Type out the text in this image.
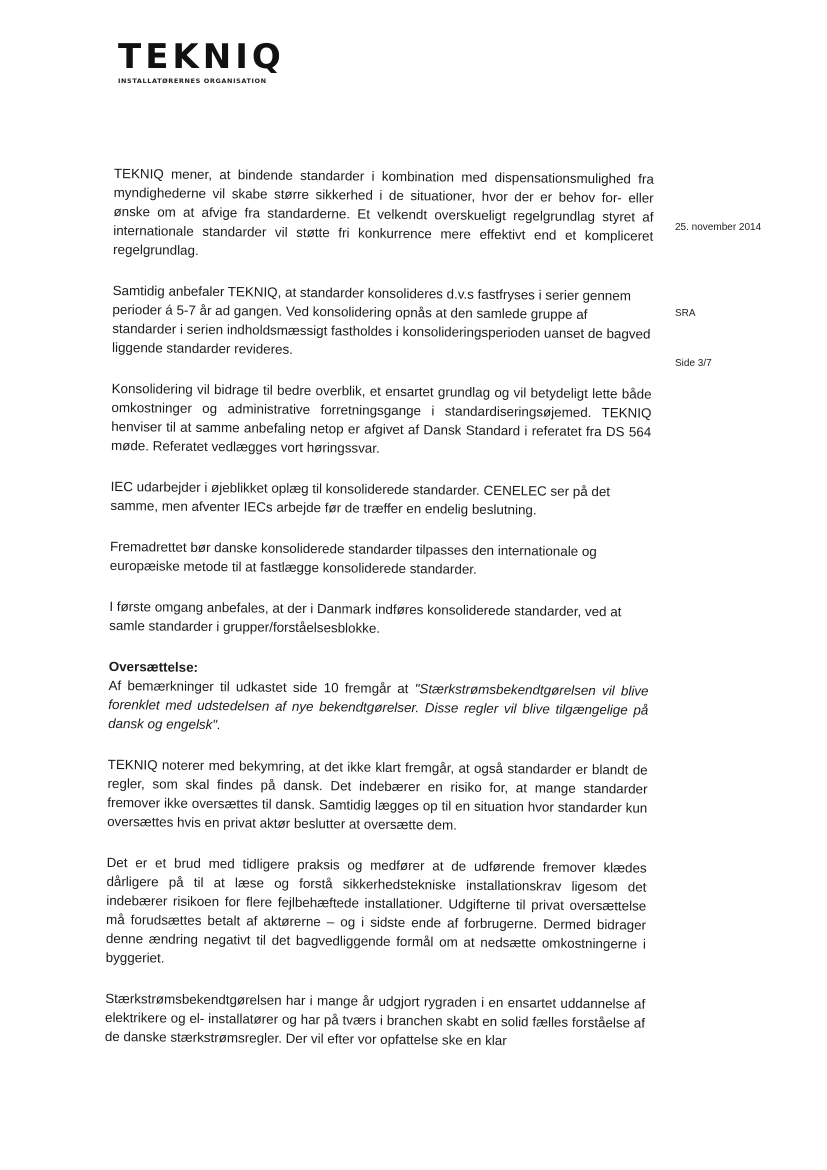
TEKNIQ
INSTALLATØRERNES ORGANISATION
25. november 2014
SRA
Side 3/7

TEKNIQ mener, at bindende standarder i kombination med dispensationsmulighed fra myndighederne vil skabe større sikkerhed i de situationer, hvor der er behov for- eller ønske om at afvige fra standarderne. Et velkendt overskueligt regelgrundlag styret af internationale standarder vil støtte fri konkurrence mere effektivt end et kompliceret regelgrundlag.

Samtidig anbefaler TEKNIQ, at standarder konsolideres d.v.s fastfryses i serier gennem perioder á 5-7 år ad gangen. Ved konsolidering opnås at den samlede gruppe af standarder i serien indholdsmæssigt fastholdes i konsolideringsperioden uanset de bagved liggende standarder revideres.

Konsolidering vil bidrage til bedre overblik, et ensartet grundlag og vil betydeligt lette både omkostninger og administrative forretningsgange i standardiseringsøjemed. TEKNIQ henviser til at samme anbefaling netop er afgivet af Dansk Standard i referatet fra DS 564 møde. Referatet vedlægges vort høringssvar.

IEC udarbejder i øjeblikket oplæg til konsoliderede standarder. CENELEC ser på det samme, men afventer IECs arbejde før de træffer en endelig beslutning.

Fremadrettet bør danske konsoliderede standarder tilpasses den internationale og europæiske metode til at fastlægge konsoliderede standarder.

I første omgang anbefales, at der i Danmark indføres konsoliderede standarder, ved at samle standarder i grupper/forståelsesblokke.

Oversættelse:

Af bemærkninger til udkastet side 10 fremgår at "Stærkstrømsbekendtgørelsen vil blive forenklet med udstedelsen af nye bekendtgørelser. Disse regler vil blive tilgængelige på dansk og engelsk".

TEKNIQ noterer med bekymring, at det ikke klart fremgår, at også standarder er blandt de regler, som skal findes på dansk. Det indebærer en risiko for, at mange standarder fremover ikke oversættes til dansk. Samtidig lægges op til en situation hvor standarder kun oversættes hvis en privat aktør beslutter at oversætte dem.

Det er et brud med tidligere praksis og medfører at de udførende fremover klædes dårligere på til at læse og forstå sikkerhedstekniske installationskrav ligesom det indebærer risikoen for flere fejlbehæftede installationer. Udgifterne til privat oversættelse må forudsættes betalt af aktørerne – og i sidste ende af forbrugerne. Dermed bidrager denne ændring negativt til det bagvedliggende formål om at nedsætte omkostningerne i byggeriet.

Stærkstrømsbekendtgørelsen har i mange år udgjort rygraden i en ensartet uddannelse af elektrikere og el- installatører og har på tværs i branchen skabt en solid fælles forståelse af de danske stærkstrømsregler. Der vil efter vor opfattelse ske en klar
